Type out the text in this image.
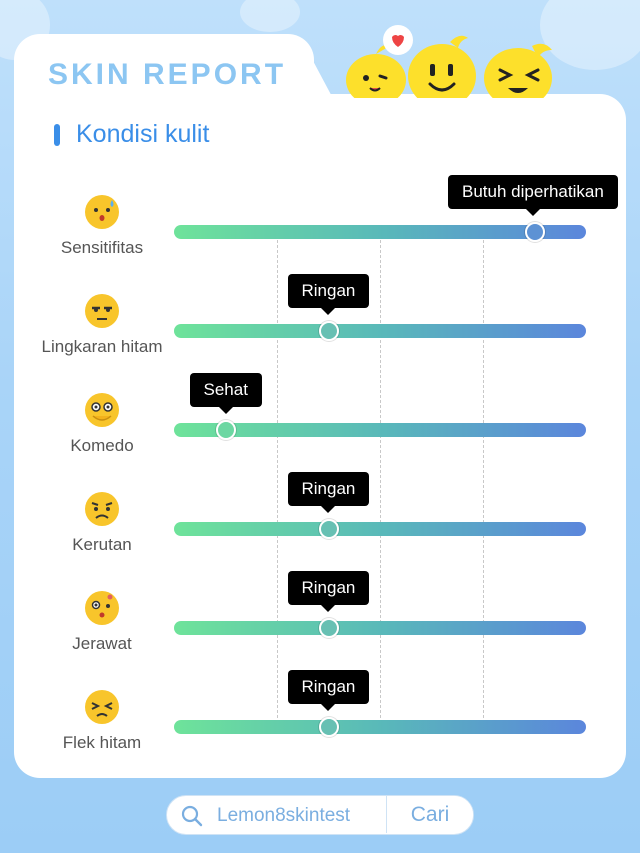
SKIN REPORT
Kondisi kulit
Sensitifitas
Butuh diperhatikan
Lingkaran hitam
Ringan
Komedo
Sehat
Kerutan
Ringan
Jerawat
Ringan
Flek hitam
Ringan
Lemon8skintest	Cari
